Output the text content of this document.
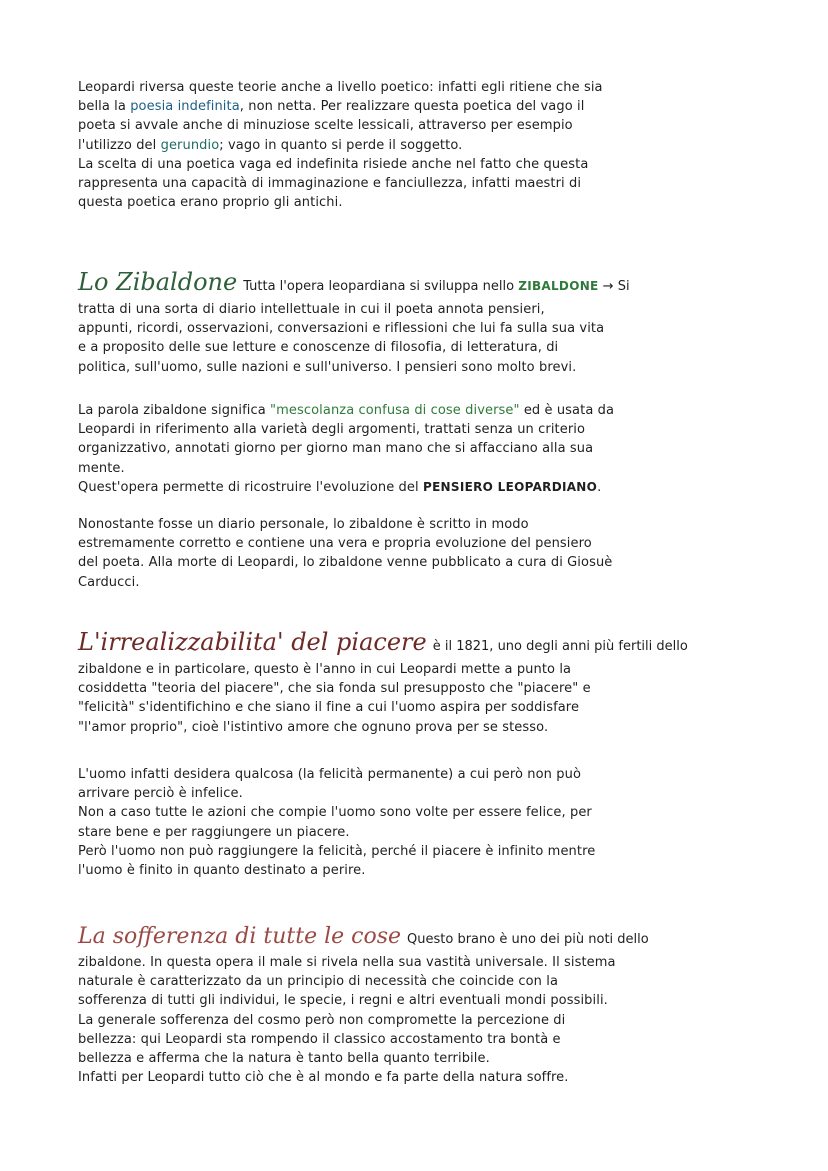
Leopardi riversa queste teorie anche a livello poetico: infatti egli ritiene che sia
bella la poesia indefinita, non netta. Per realizzare questa poetica del vago il
poeta si avvale anche di minuziose scelte lessicali, attraverso per esempio
l'utilizzo del gerundio; vago in quanto si perde il soggetto.
La scelta di una poetica vaga ed indefinita risiede anche nel fatto che questa
rappresenta una capacità di immaginazione e fanciullezza, infatti maestri di
questa poetica erano proprio gli antichi.
Lo Zibaldone Tutta l'opera leopardiana si sviluppa nello ZIBALDONE → Si
tratta di una sorta di diario intellettuale in cui il poeta annota pensieri,
appunti, ricordi, osservazioni, conversazioni e riflessioni che lui fa sulla sua vita
e a proposito delle sue letture e conoscenze di filosofia, di letteratura, di
politica, sull'uomo, sulle nazioni e sull'universo. I pensieri sono molto brevi.
La parola zibaldone significa "mescolanza confusa di cose diverse" ed è usata da
Leopardi in riferimento alla varietà degli argomenti, trattati senza un criterio
organizzativo, annotati giorno per giorno man mano che si affacciano alla sua
mente.
Quest'opera permette di ricostruire l'evoluzione del PENSIERO LEOPARDIANO.
Nonostante fosse un diario personale, lo zibaldone è scritto in modo
estremamente corretto e contiene una vera e propria evoluzione del pensiero
del poeta. Alla morte di Leopardi, lo zibaldone venne pubblicato a cura di Giosuè
Carducci.
L'irrealizzabilita' del piacere è il 1821, uno degli anni più fertili dello
zibaldone e in particolare, questo è l'anno in cui Leopardi mette a punto la
cosiddetta "teoria del piacere", che sia fonda sul presupposto che "piacere" e
"felicità" s'identifichino e che siano il fine a cui l'uomo aspira per soddisfare
"l'amor proprio", cioè l'istintivo amore che ognuno prova per se stesso.
L'uomo infatti desidera qualcosa (la felicità permanente) a cui però non può
arrivare perciò è infelice.
Non a caso tutte le azioni che compie l'uomo sono volte per essere felice, per
stare bene e per raggiungere un piacere.
Però l'uomo non può raggiungere la felicità, perché il piacere è infinito mentre
l'uomo è finito in quanto destinato a perire.
La sofferenza di tutte le cose Questo brano è uno dei più noti dello
zibaldone. In questa opera il male si rivela nella sua vastità universale. Il sistema
naturale è caratterizzato da un principio di necessità che coincide con la
sofferenza di tutti gli individui, le specie, i regni e altri eventuali mondi possibili.
La generale sofferenza del cosmo però non compromette la percezione di
bellezza: qui Leopardi sta rompendo il classico accostamento tra bontà e
bellezza e afferma che la natura è tanto bella quanto terribile.
Infatti per Leopardi tutto ciò che è al mondo e fa parte della natura soffre.
